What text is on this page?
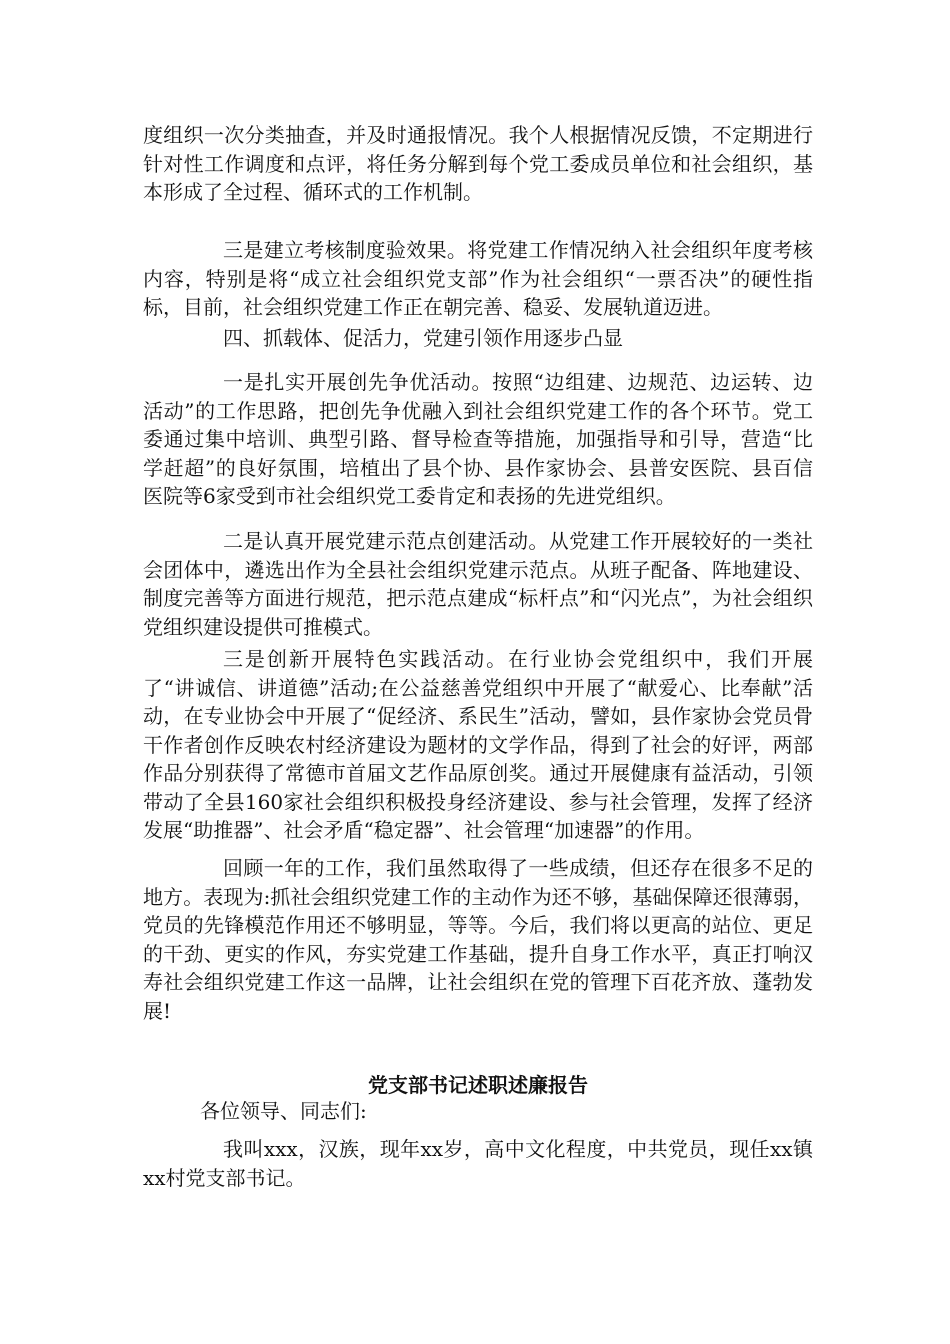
度组织一次分类抽查，并及时通报情况。我个人根据情况反馈，不定期进行针对性工作调度和点评，将任务分解到每个党工委成员单位和社会组织，基本形成了全过程、循环式的工作机制。

三是建立考核制度验效果。将党建工作情况纳入社会组织年度考核内容，特别是将“成立社会组织党支部”作为社会组织“一票否决”的硬性指标，目前，社会组织党建工作正在朝完善、稳妥、发展轨道迈进。

四、抓载体、促活力，党建引领作用逐步凸显

一是扎实开展创先争优活动。按照“边组建、边规范、边运转、边活动”的工作思路，把创先争优融入到社会组织党建工作的各个环节。党工委通过集中培训、典型引路、督导检查等措施，加强指导和引导，营造“比学赶超”的良好氛围，培植出了县个协、县作家协会、县普安医院、县百信医院等6家受到市社会组织党工委肯定和表扬的先进党组织。

二是认真开展党建示范点创建活动。从党建工作开展较好的一类社会团体中，遴选出作为全县社会组织党建示范点。从班子配备、阵地建设、制度完善等方面进行规范，把示范点建成“标杆点”和“闪光点”，为社会组织党组织建设提供可推模式。

三是创新开展特色实践活动。在行业协会党组织中，我们开展了“讲诚信、讲道德”活动;在公益慈善党组织中开展了“献爱心、比奉献”活动，在专业协会中开展了“促经济、系民生”活动，譬如，县作家协会党员骨干作者创作反映农村经济建设为题材的文学作品，得到了社会的好评，两部作品分别获得了常德市首届文艺作品原创奖。通过开展健康有益活动，引领带动了全县160家社会组织积极投身经济建设、参与社会管理，发挥了经济发展“助推器”、社会矛盾“稳定器”、社会管理“加速器”的作用。

回顾一年的工作，我们虽然取得了一些成绩，但还存在很多不足的地方。表现为:抓社会组织党建工作的主动作为还不够，基础保障还很薄弱，党员的先锋模范作用还不够明显，等等。今后，我们将以更高的站位、更足的干劲、更实的作风，夯实党建工作基础，提升自身工作水平，真正打响汉寿社会组织党建工作这一品牌，让社会组织在党的管理下百花齐放、蓬勃发展!

党支部书记述职述廉报告

各位领导、同志们:

我叫xxx，汉族，现年xx岁，高中文化程度，中共党员，现任xx镇xx村党支部书记。
